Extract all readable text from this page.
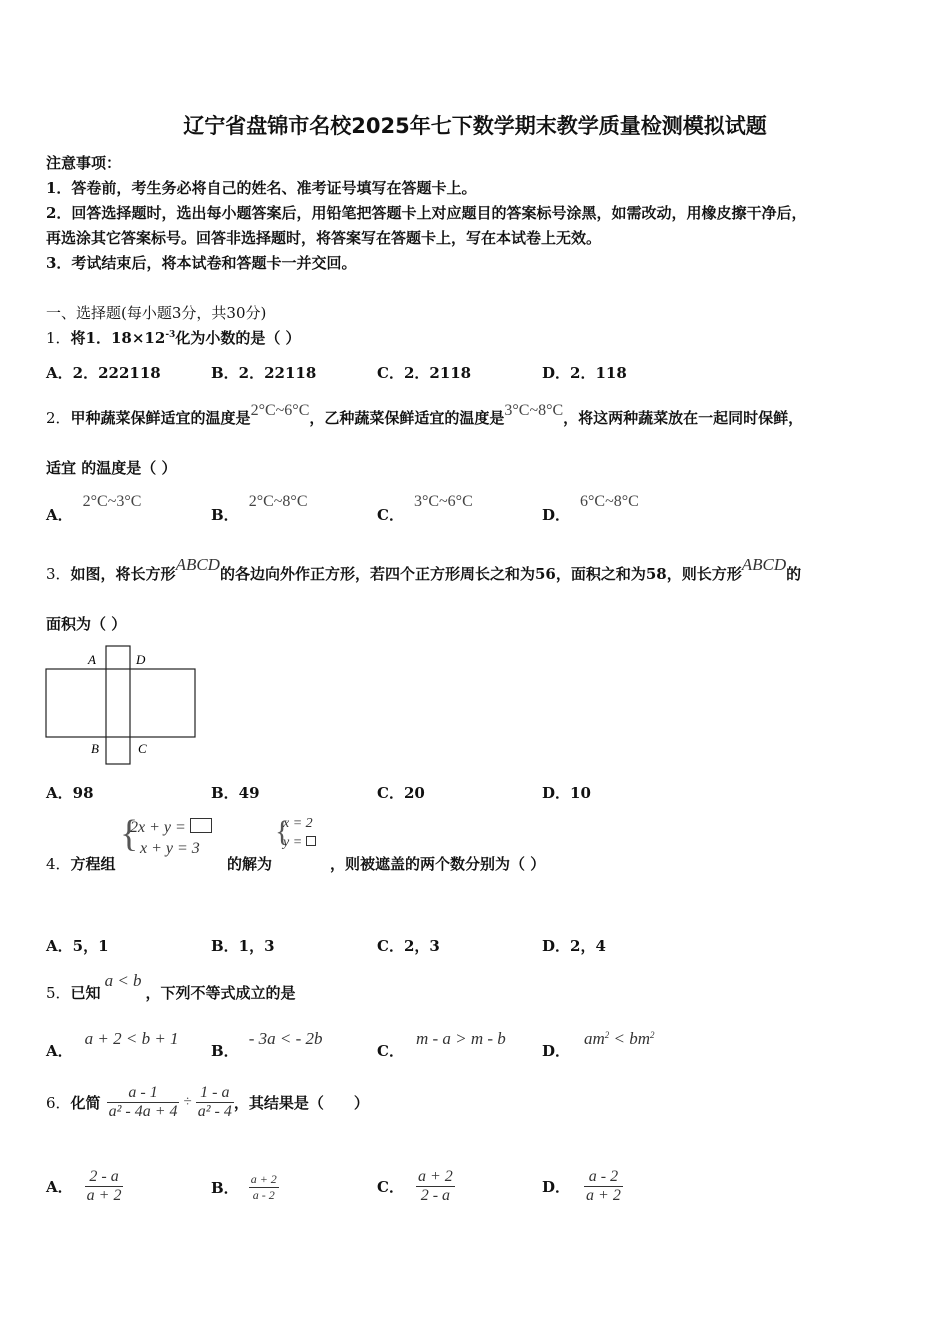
辽宁省盘锦市名校2025年七下数学期末教学质量检测模拟试题
注意事项：
1．答卷前，考生务必将自己的姓名、准考证号填写在答题卡上。
2．回答选择题时，选出每小题答案后，用铅笔把答题卡上对应题目的答案标号涂黑，如需改动，用橡皮擦干净后，
再选涂其它答案标号。回答非选择题时，将答案写在答题卡上，写在本试卷上无效。
3．考试结束后，将本试卷和答题卡一并交回。
一、选择题(每小题3分，共30分)
1．将1．$18\times 12^{-3}$化为小数的是（ ）
A．2．222118	B．2．22118	C．2．2118	D．2．118
2．甲种蔬菜保鲜适宜的温度是2°C~6°C，乙种蔬菜保鲜适宜的温度是3°C~8°C，将这两种蔬菜放在一起同时保鲜，
适宜 的温度是（ ）
A．2°C~3°C
B．2°C~8°C
C．3°C~6°C
D．6°C~8°C
3．如图，将长方形ABCD的各边向外作正方形，若四个正方形周长之和为56，面积之和为58，则长方形ABCD的
面积为（ ）
A	D
B	C
A．98	B．49	C．20	D．10
4．方程组
{
2x + y =
x + y = 3
的解为
{
x = 2
y =
，则被遮盖的两个数分别为（ ）
A．5，1	B．1，3	C．2，3	D．2，4
5．已知a < b，下列不等式成立的是
A．a + 2 < b + 1
B．- 3a < - 2b
C．m - a > m - b
D．$am^2 < bm^2$
6． 化简 $\frac{a - 1}{\text{a² - 4a + 4}} \div \frac{1 - a}{\text{a² - 4}}$ ，其结果是（　　）
A． $\frac{2 - a}{a + 2}$	B． $\frac{a + 2}{a - 2}$	C． $\frac{a + 2}{2 - a}$	D． $\frac{a - 2}{a + 2}$
